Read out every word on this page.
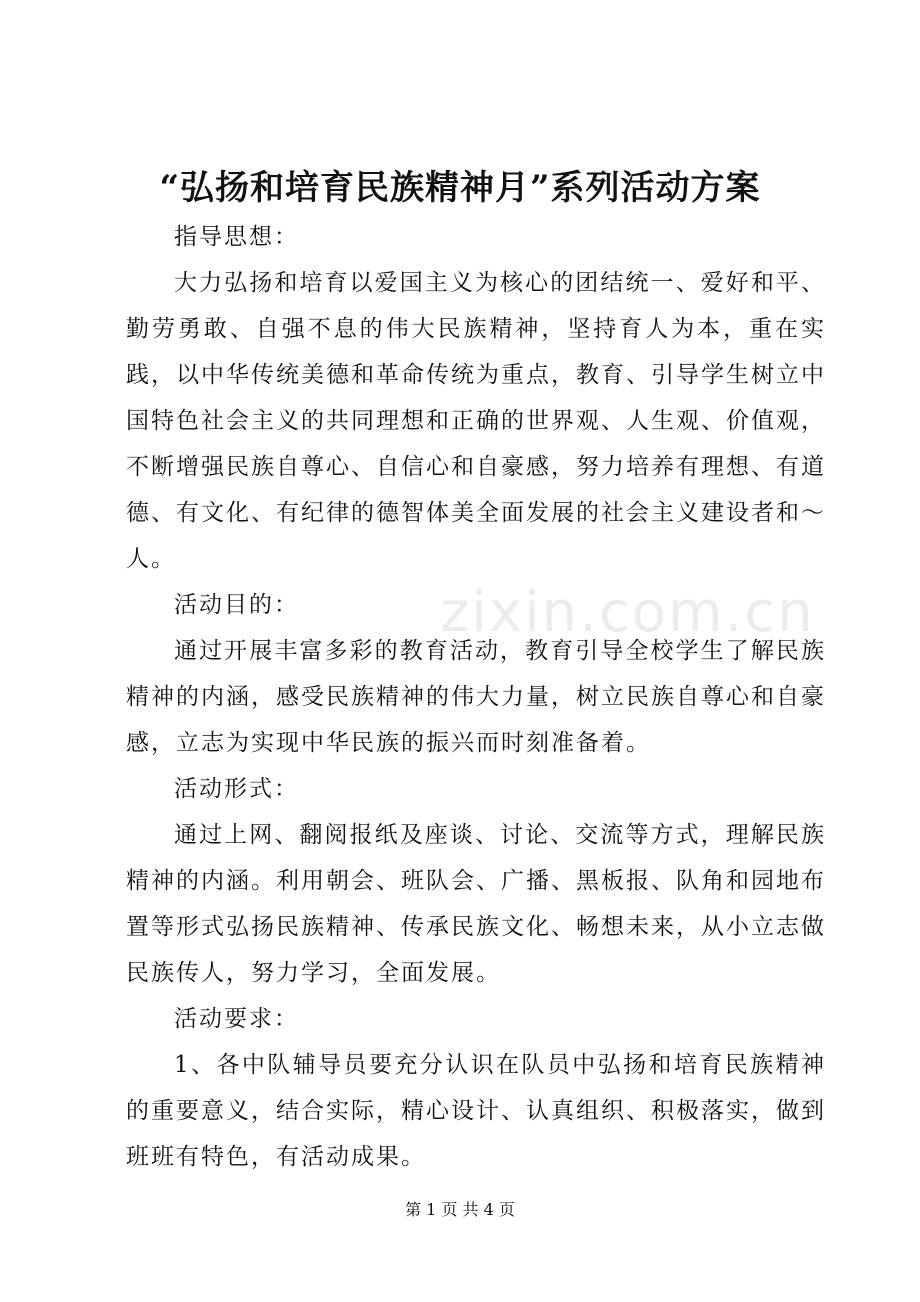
“弘扬和培育民族精神月”系列活动方案

指导思想：

大力弘扬和培育以爱国主义为核心的团结统一、爱好和平、勤劳勇敢、自强不息的伟大民族精神，坚持育人为本，重在实践，以中华传统美德和革命传统为重点，教育、引导学生树立中国特色社会主义的共同理想和正确的世界观、人生观、价值观，不断增强民族自尊心、自信心和自豪感，努力培养有理想、有道德、有文化、有纪律的德智体美全面发展的社会主义建设者和～人。

活动目的：

通过开展丰富多彩的教育活动，教育引导全校学生了解民族精神的内涵，感受民族精神的伟大力量，树立民族自尊心和自豪感，立志为实现中华民族的振兴而时刻准备着。

活动形式：

通过上网、翻阅报纸及座谈、讨论、交流等方式，理解民族精神的内涵。利用朝会、班队会、广播、黑板报、队角和园地布置等形式弘扬民族精神、传承民族文化、畅想未来，从小立志做民族传人，努力学习，全面发展。

活动要求：

1、各中队辅导员要充分认识在队员中弘扬和培育民族精神的重要意义，结合实际，精心设计、认真组织、积极落实，做到班班有特色，有活动成果。

zixin.com.cn
第 1 页 共 4 页
